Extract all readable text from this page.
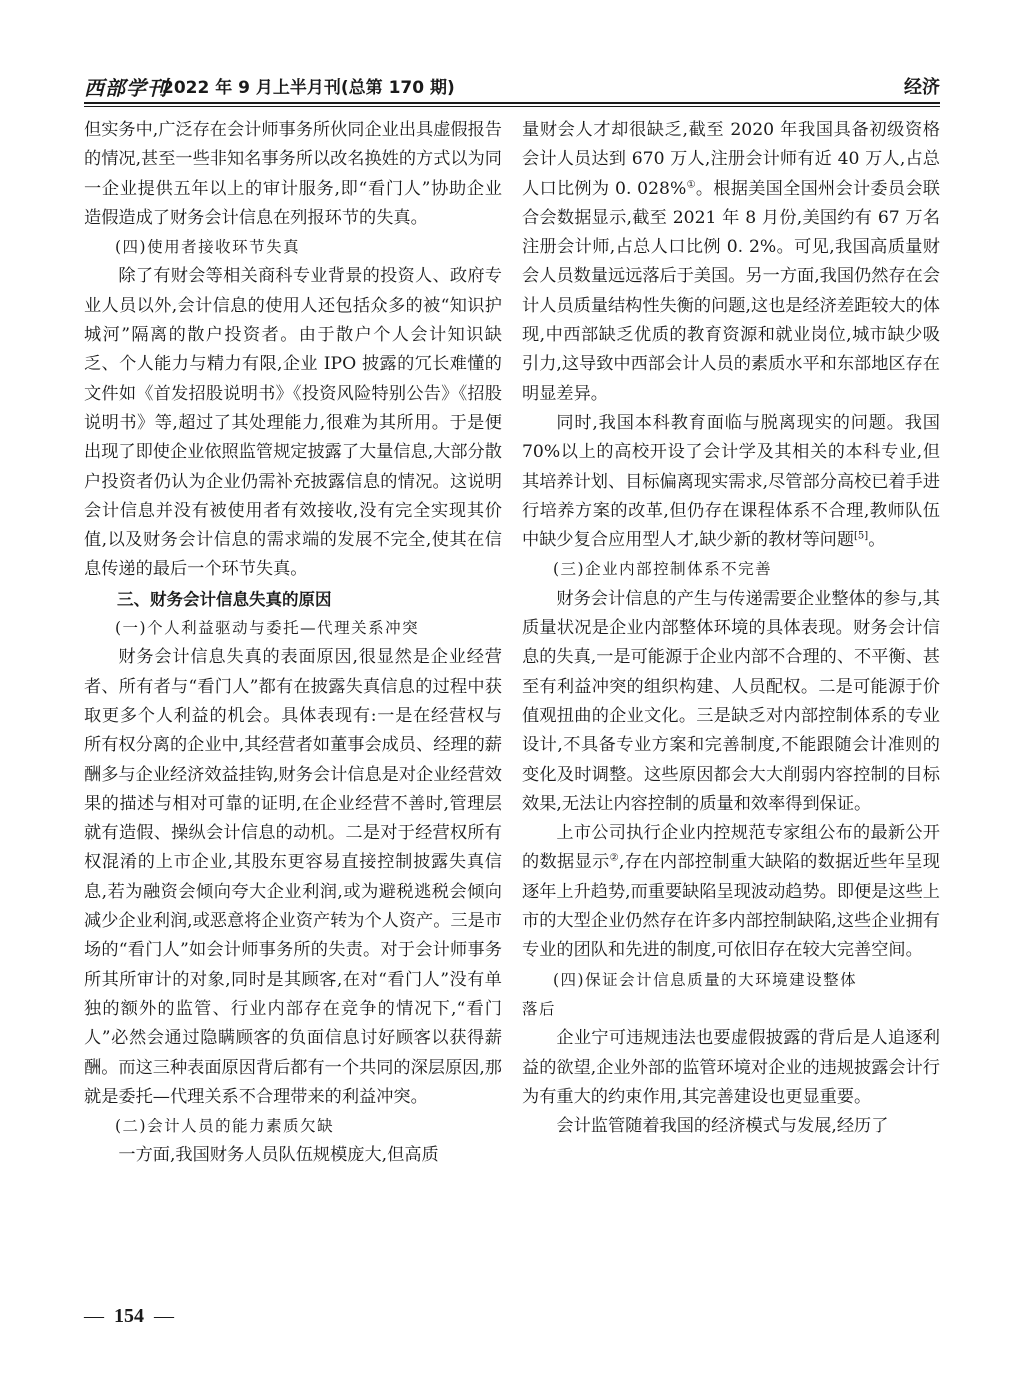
西部学刊
2022 年 9 月上半月刊(总第 170 期)	经济

但实务中,广泛存在会计师事务所伙同企业出具虚假报告的情况,甚至一些非知名事务所以改名换姓的方式以为同一企业提供五年以上的审计服务,即“看门人”协助企业造假造成了财务会计信息在列报环节的失真。

(四)使用者接收环节失真

除了有财会等相关商科专业背景的投资人、政府专业人员以外,会计信息的使用人还包括众多的被“知识护城河”隔离的散户投资者。由于散户个人会计知识缺乏、个人能力与精力有限,企业 IPO 披露的冗长难懂的文件如《首发招股说明书》《投资风险特别公告》《招股说明书》等,超过了其处理能力,很难为其所用。于是便出现了即使企业依照监管规定披露了大量信息,大部分散户投资者仍认为企业仍需补充披露信息的情况。这说明会计信息并没有被使用者有效接收,没有完全实现其价值,以及财务会计信息的需求端的发展不完全,使其在信息传递的最后一个环节失真。

三、财务会计信息失真的原因

(一)个人利益驱动与委托—代理关系冲突

财务会计信息失真的表面原因,很显然是企业经营者、所有者与“看门人”都有在披露失真信息的过程中获取更多个人利益的机会。具体表现有:一是在经营权与所有权分离的企业中,其经营者如董事会成员、经理的薪酬多与企业经济效益挂钩,财务会计信息是对企业经营效果的描述与相对可靠的证明,在企业经营不善时,管理层就有造假、操纵会计信息的动机。二是对于经营权所有权混淆的上市企业,其股东更容易直接控制披露失真信息,若为融资会倾向夸大企业利润,或为避税逃税会倾向减少企业利润,或恶意将企业资产转为个人资产。三是市场的“看门人”如会计师事务所的失责。对于会计师事务所其所审计的对象,同时是其顾客,在对“看门人”没有单独的额外的监管、行业内部存在竞争的情况下,“看门人”必然会通过隐瞒顾客的负面信息讨好顾客以获得薪酬。而这三种表面原因背后都有一个共同的深层原因,那就是委托—代理关系不合理带来的利益冲突。

(二)会计人员的能力素质欠缺

一方面,我国财务人员队伍规模庞大,但高质

量财会人才却很缺乏,截至 2020 年我国具备初级资格会计人员达到 670 万人,注册会计师有近 40 万人,占总人口比例为 0. 028%①。根据美国全国州会计委员会联合会数据显示,截至 2021 年 8 月份,美国约有 67 万名注册会计师,占总人口比例 0. 2%。可见,我国高质量财会人员数量远远落后于美国。另一方面,我国仍然存在会计人员质量结构性失衡的问题,这也是经济差距较大的体现,中西部缺乏优质的教育资源和就业岗位,城市缺少吸引力,这导致中西部会计人员的素质水平和东部地区存在明显差异。

同时,我国本科教育面临与脱离现实的问题。我国 70%以上的高校开设了会计学及其相关的本科专业,但其培养计划、目标偏离现实需求,尽管部分高校已着手进行培养方案的改革,但仍存在课程体系不合理,教师队伍中缺少复合应用型人才,缺少新的教材等问题[5]。

(三)企业内部控制体系不完善

财务会计信息的产生与传递需要企业整体的参与,其质量状况是企业内部整体环境的具体表现。财务会计信息的失真,一是可能源于企业内部不合理的、不平衡、甚至有利益冲突的组织构建、人员配权。二是可能源于价值观扭曲的企业文化。三是缺乏对内部控制体系的专业设计,不具备专业方案和完善制度,不能跟随会计准则的变化及时调整。这些原因都会大大削弱内容控制的目标效果,无法让内容控制的质量和效率得到保证。

上市公司执行企业内控规范专家组公布的最新公开的数据显示②,存在内部控制重大缺陷的数据近些年呈现逐年上升趋势,而重要缺陷呈现波动趋势。即便是这些上市的大型企业仍然存在许多内部控制缺陷,这些企业拥有专业的团队和先进的制度,可依旧存在较大完善空间。

(四)保证会计信息质量的大环境建设整体

落后

企业宁可违规违法也要虚假披露的背后是人追逐利益的欲望,企业外部的监管环境对企业的违规披露会计行为有重大的约束作用,其完善建设也更显重要。

会计监管随着我国的经济模式与发展,经历了

— 154 —
